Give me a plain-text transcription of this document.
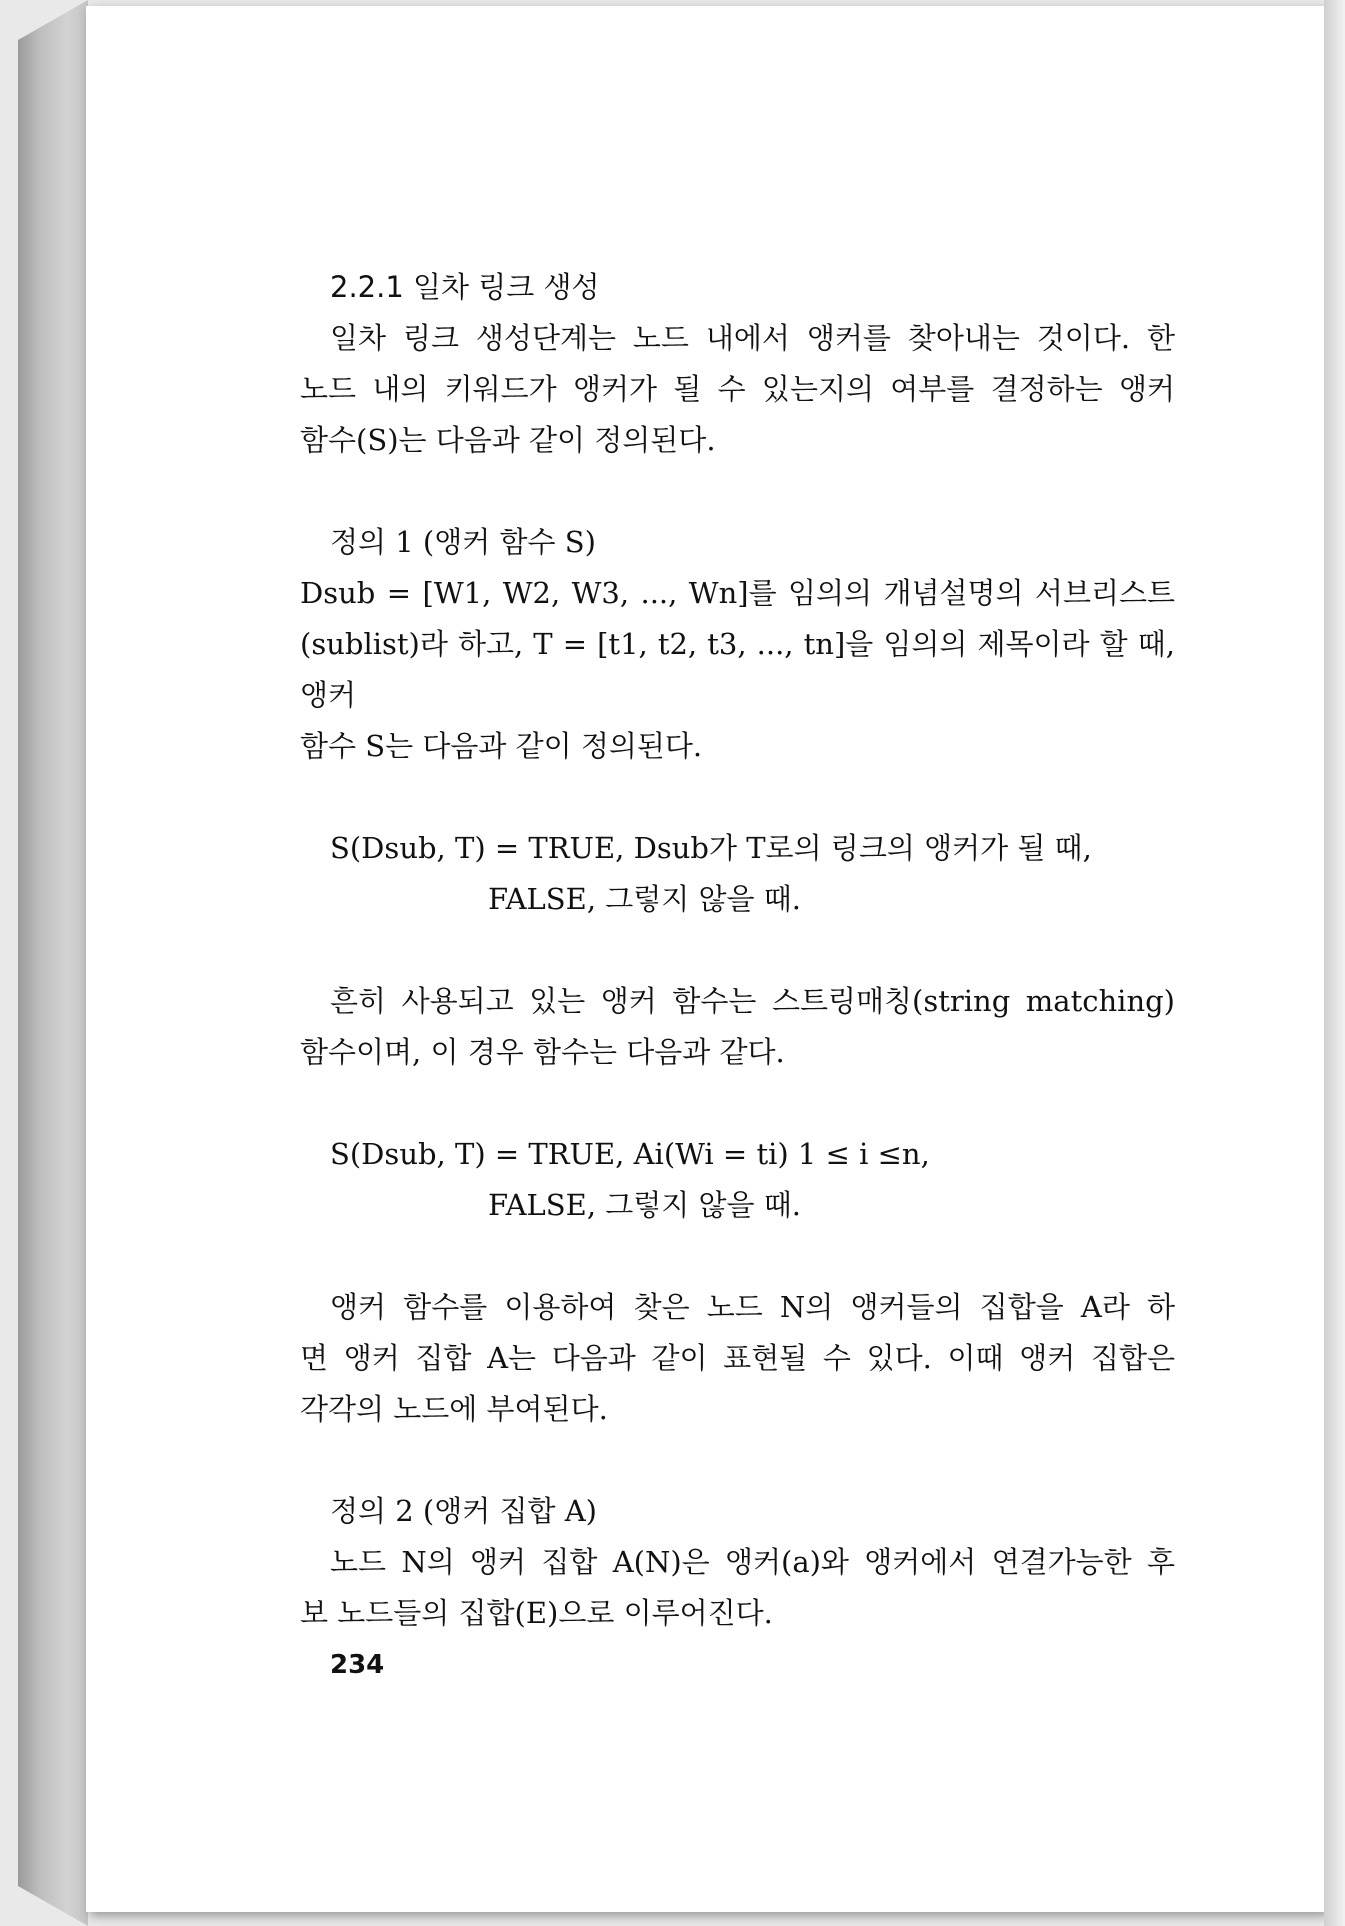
2.2.1 일차 링크 생성

일차 링크 생성단계는 노드 내에서 앵커를 찾아내는 것이다. 한
노드 내의 키워드가 앵커가 될 수 있는지의 여부를 결정하는 앵커
함수(S)는 다음과 같이 정의된다.

정의 1 (앵커 함수 S)

Dsub = [W1, W2, W3, ..., Wn]를 임의의 개념설명의 서브리스트
(sublist)라 하고, T = [t1, t2, t3, ..., tn]을 임의의 제목이라 할 때, 앵커
함수 S는 다음과 같이 정의된다.
S(Dsub, T) = TRUE, Dsub가 T로의 링크의 앵커가 될 때,
FALSE, 그렇지 않을 때.
흔히 사용되고 있는 앵커 함수는 스트링매칭(string matching)
함수이며, 이 경우 함수는 다음과 같다.
S(Dsub, T) = TRUE, Ai(Wi = ti) 1 ≤ i ≤n,
FALSE, 그렇지 않을 때.
앵커 함수를 이용하여 찾은 노드 N의 앵커들의 집합을 A라 하
면 앵커 집합 A는 다음과 같이 표현될 수 있다. 이때 앵커 집합은
각각의 노드에 부여된다.

정의 2 (앵커 집합 A)

노드 N의 앵커 집합 A(N)은 앵커(a)와 앵커에서 연결가능한 후
보 노드들의 집합(E)으로 이루어진다.
234
